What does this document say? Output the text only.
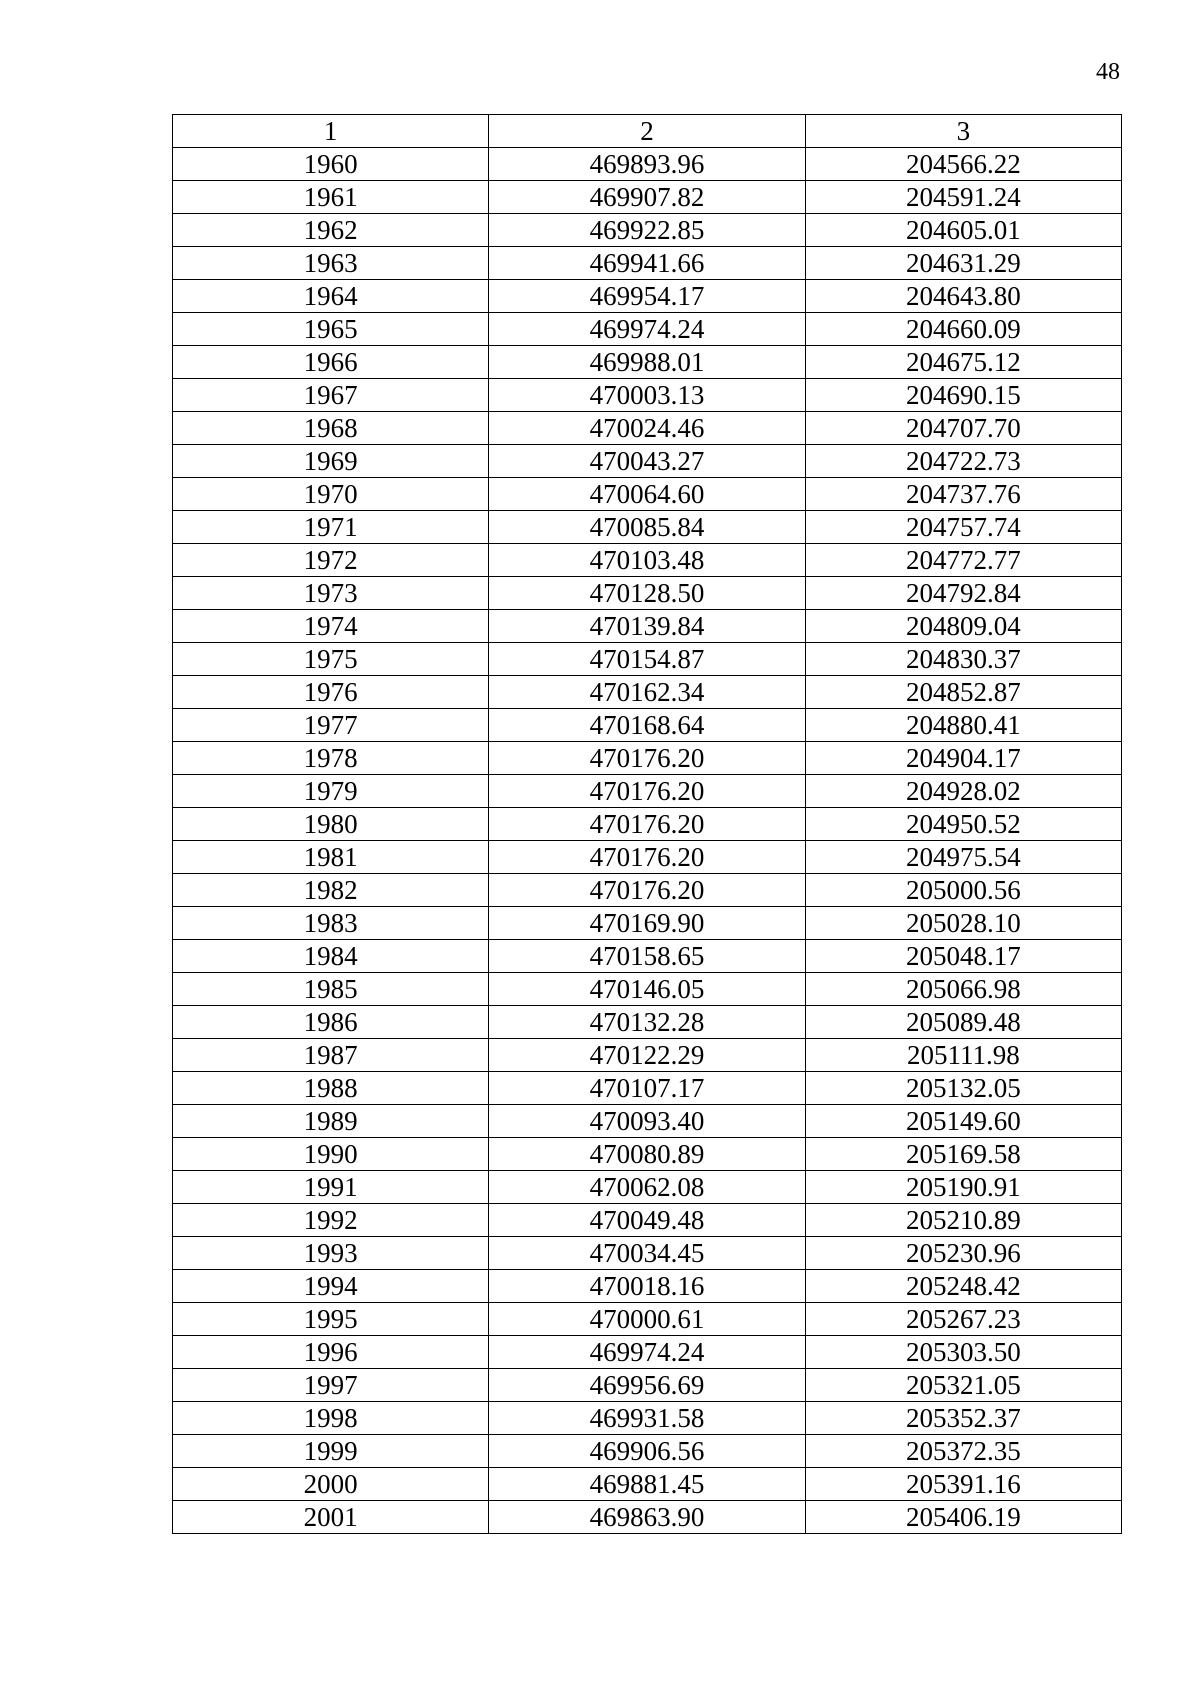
48
1	2	3
1960	469893.96	204566.22
1961	469907.82	204591.24
1962	469922.85	204605.01
1963	469941.66	204631.29
1964	469954.17	204643.80
1965	469974.24	204660.09
1966	469988.01	204675.12
1967	470003.13	204690.15
1968	470024.46	204707.70
1969	470043.27	204722.73
1970	470064.60	204737.76
1971	470085.84	204757.74
1972	470103.48	204772.77
1973	470128.50	204792.84
1974	470139.84	204809.04
1975	470154.87	204830.37
1976	470162.34	204852.87
1977	470168.64	204880.41
1978	470176.20	204904.17
1979	470176.20	204928.02
1980	470176.20	204950.52
1981	470176.20	204975.54
1982	470176.20	205000.56
1983	470169.90	205028.10
1984	470158.65	205048.17
1985	470146.05	205066.98
1986	470132.28	205089.48
1987	470122.29	205111.98
1988	470107.17	205132.05
1989	470093.40	205149.60
1990	470080.89	205169.58
1991	470062.08	205190.91
1992	470049.48	205210.89
1993	470034.45	205230.96
1994	470018.16	205248.42
1995	470000.61	205267.23
1996	469974.24	205303.50
1997	469956.69	205321.05
1998	469931.58	205352.37
1999	469906.56	205372.35
2000	469881.45	205391.16
2001	469863.90	205406.19
